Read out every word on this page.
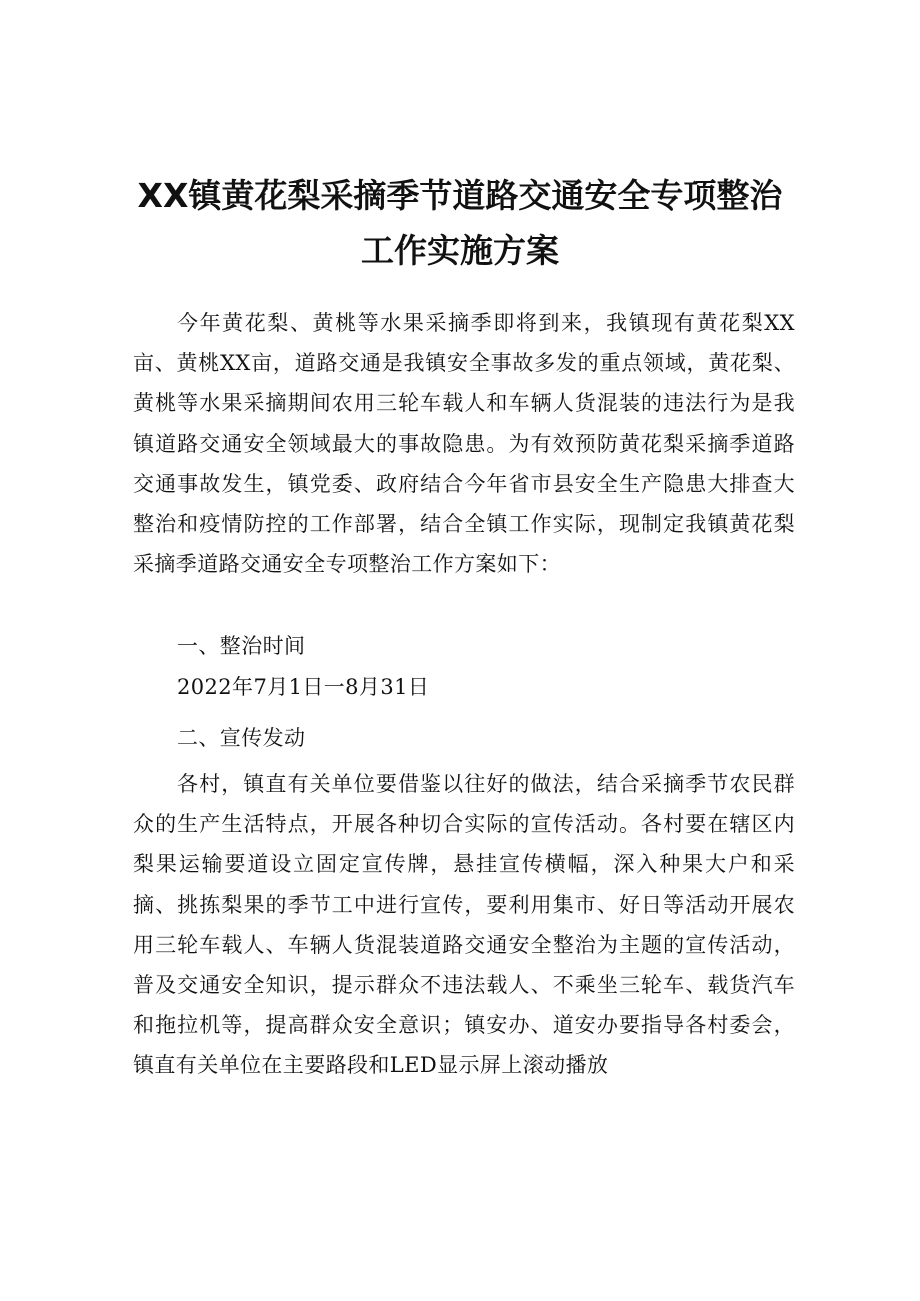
XX镇黄花梨采摘季节道路交通安全专项整治
工作实施方案

今年黄花梨、黄桃等水果采摘季即将到来，我镇现有黄花梨XX亩、黄桃XX亩，道路交通是我镇安全事故多发的重点领域，黄花梨、黄桃等水果采摘期间农用三轮车载人和车辆人货混装的违法行为是我镇道路交通安全领域最大的事故隐患。为有效预防黄花梨采摘季道路交通事故发生，镇党委、政府结合今年省市县安全生产隐患大排查大整治和疫情防控的工作部署，结合全镇工作实际，现制定我镇黄花梨采摘季道路交通安全专项整治工作方案如下：

一、整治时间

2022年7月1日一8月31日

二、宣传发动

各村，镇直有关单位要借鉴以往好的做法，结合采摘季节农民群众的生产生活特点，开展各种切合实际的宣传活动。各村要在辖区内梨果运输要道设立固定宣传牌，悬挂宣传横幅，深入种果大户和采摘、挑拣梨果的季节工中进行宣传，要利用集市、好日等活动开展农用三轮车载人、车辆人货混装道路交通安全整治为主题的宣传活动，普及交通安全知识，提示群众不违法载人、不乘坐三轮车、载货汽车和拖拉机等，提高群众安全意识；镇安办、道安办要指导各村委会，镇直有关单位在主要路段和LED显示屏上滚动播放
